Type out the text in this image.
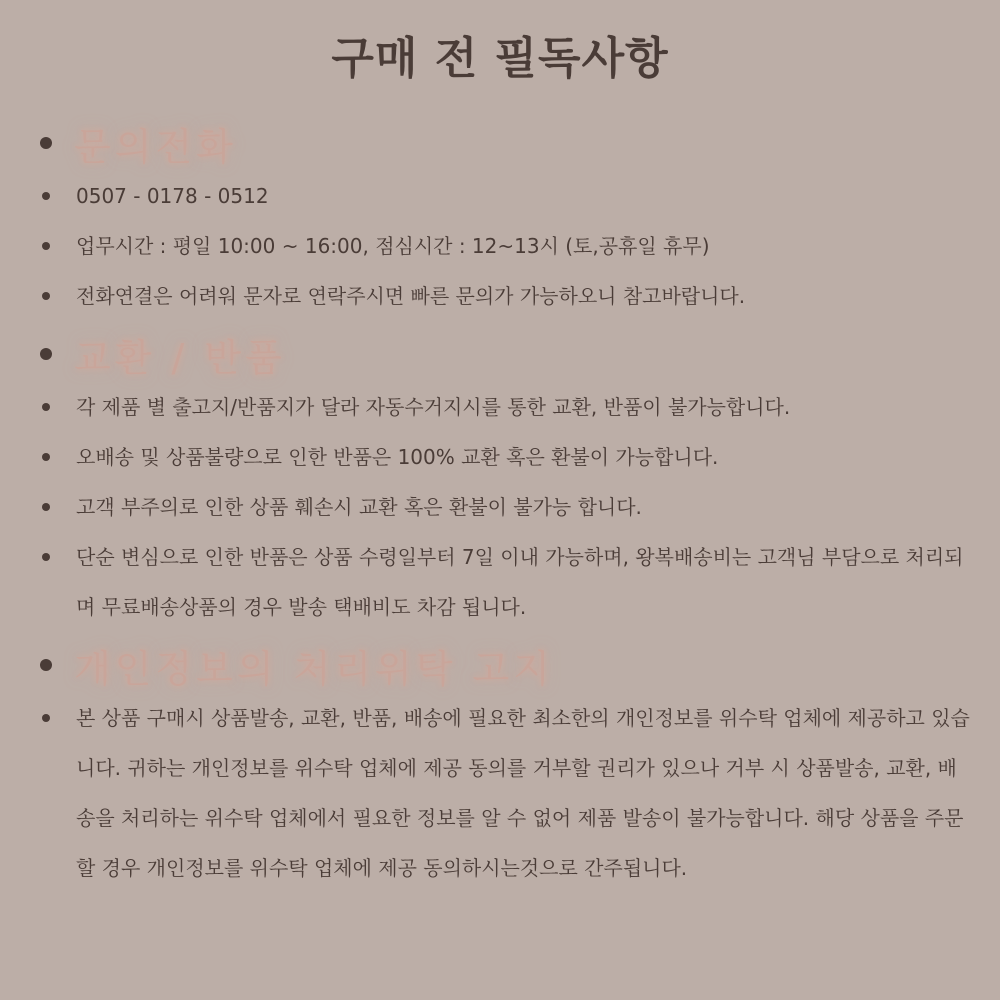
구매 전 필독사항
문의전화
0507 - 0178 - 0512
업무시간 : 평일 10:00 ~ 16:00, 점심시간 : 12~13시 (토,공휴일 휴무)
전화연결은 어려워 문자로 연락주시면 빠른 문의가 가능하오니 참고바랍니다.
교환 / 반품
각 제품 별 출고지/반품지가 달라 자동수거지시를 통한 교환, 반품이 불가능합니다.
오배송 및 상품불량으로 인한 반품은 100% 교환 혹은 환불이 가능합니다.
고객 부주의로 인한 상품 훼손시 교환 혹은 환불이 불가능 합니다.
단순 변심으로 인한 반품은 상품 수령일부터 7일 이내 가능하며, 왕복배송비는 고객님 부담으로 처리되며 무료배송상품의 경우 발송 택배비도 차감 됩니다.
개인정보의 처리위탁 고지
본 상품 구매시 상품발송, 교환, 반품, 배송에 필요한 최소한의 개인정보를 위수탁 업체에 제공하고 있습니다. 귀하는 개인정보를 위수탁 업체에 제공 동의를 거부할 권리가 있으나 거부 시 상품발송, 교환, 배송을 처리하는 위수탁 업체에서 필요한 정보를 알 수 없어 제품 발송이 불가능합니다. 해당 상품을 주문할 경우 개인정보를 위수탁 업체에 제공 동의하시는것으로 간주됩니다.
